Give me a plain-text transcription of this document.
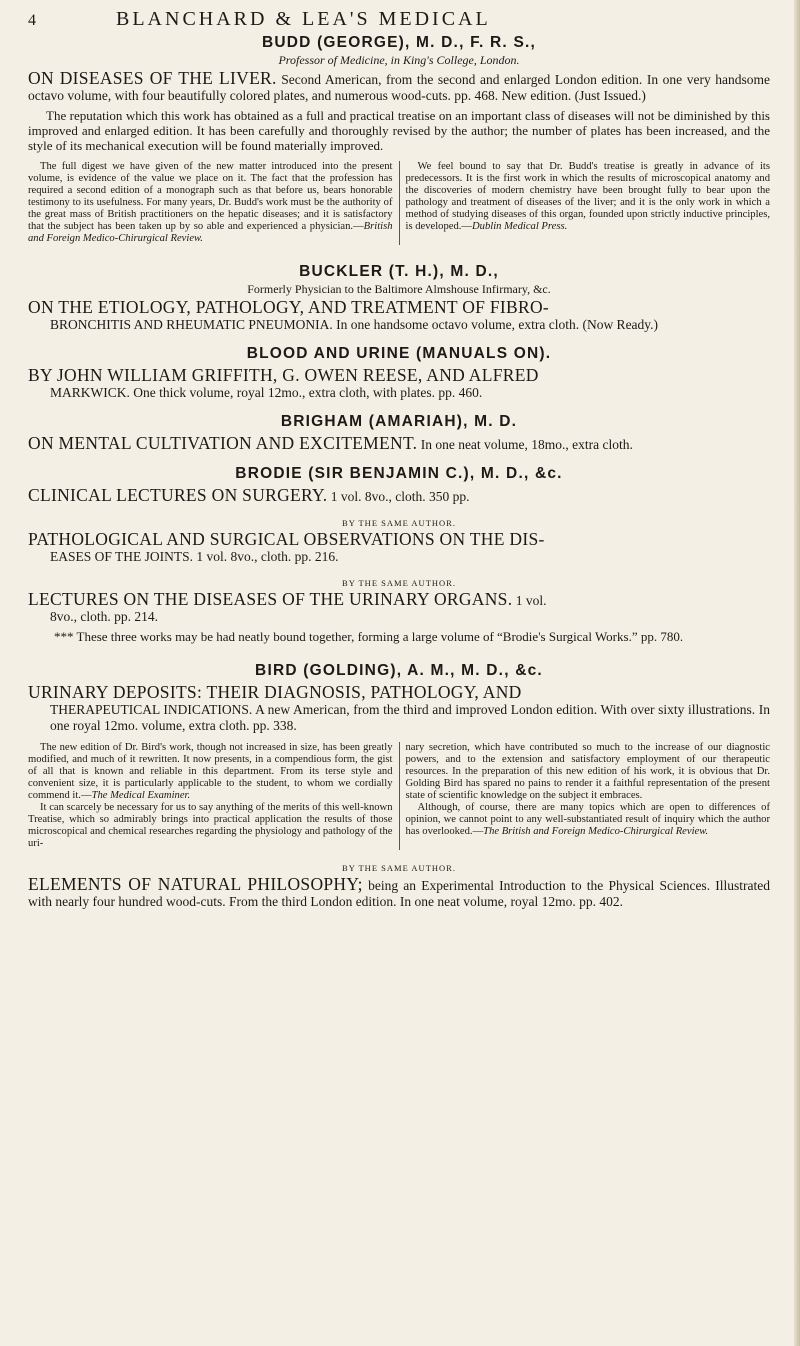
4	BLANCHARD & LEA'S MEDICAL

BUDD (GEORGE), M. D., F. R. S.,

Professor of Medicine, in King's College, London.

ON DISEASES OF THE LIVER. Second American, from the second and enlarged London edition. In one very handsome octavo volume, with four beautifully colored plates, and numerous wood-cuts. pp. 468. New edition. (Just Issued.)

The reputation which this work has obtained as a full and practical treatise on an important class of diseases will not be diminished by this improved and enlarged edition. It has been carefully and thoroughly revised by the author; the number of plates has been increased, and the style of its mechanical execution will be found materially improved.

The full digest we have given of the new matter introduced into the present volume, is evidence of the value we place on it. The fact that the profession has required a second edition of a monograph such as that before us, bears honorable testimony to its usefulness. For many years, Dr. Budd's work must be the authority of the great mass of British practitioners on the hepatic diseases; and it is satisfactory that the subject has been taken up by so able and experienced a physician.—British and Foreign Medico-Chirurgical Review.

We feel bound to say that Dr. Budd's treatise is greatly in advance of its predecessors. It is the first work in which the results of microscopical anatomy and the discoveries of modern chemistry have been brought fully to bear upon the pathology and treatment of diseases of the liver; and it is the only work in which a method of studying diseases of this organ, founded upon strictly inductive principles, is developed.—Dublin Medical Press.

BUCKLER (T. H.), M. D.,

Formerly Physician to the Baltimore Almshouse Infirmary, &c.

ON THE ETIOLOGY, PATHOLOGY, AND TREATMENT OF FIBRO-
BRONCHITIS AND RHEUMATIC PNEUMONIA. In one handsome octavo volume, extra cloth. (Now Ready.)

BLOOD AND URINE (MANUALS ON).

BY JOHN WILLIAM GRIFFITH, G. OWEN REESE, AND ALFRED
MARKWICK. One thick volume, royal 12mo., extra cloth, with plates. pp. 460.

BRIGHAM (AMARIAH), M. D.

ON MENTAL CULTIVATION AND EXCITEMENT. In one neat volume, 18mo., extra cloth.

BRODIE (SIR BENJAMIN C.), M. D., &c.

CLINICAL LECTURES ON SURGERY. 1 vol. 8vo., cloth. 350 pp.

BY THE SAME AUTHOR.

PATHOLOGICAL AND SURGICAL OBSERVATIONS ON THE DIS-
EASES OF THE JOINTS. 1 vol. 8vo., cloth. pp. 216.

BY THE SAME AUTHOR.

LECTURES ON THE DISEASES OF THE URINARY ORGANS. 1 vol.
8vo., cloth. pp. 214.

*** These three works may be had neatly bound together, forming a large volume of “Brodie's Surgical Works.” pp. 780.

BIRD (GOLDING), A. M., M. D., &c.

URINARY DEPOSITS: THEIR DIAGNOSIS, PATHOLOGY, AND
THERAPEUTICAL INDICATIONS. A new American, from the third and improved London edition. With over sixty illustrations. In one royal 12mo. volume, extra cloth. pp. 338.

The new edition of Dr. Bird's work, though not increased in size, has been greatly modified, and much of it rewritten. It now presents, in a compendious form, the gist of all that is known and reliable in this department. From its terse style and convenient size, it is particularly applicable to the student, to whom we cordially commend it.—The Medical Examiner.

It can scarcely be necessary for us to say anything of the merits of this well-known Treatise, which so admirably brings into practical application the results of those microscopical and chemical researches regarding the physiology and pathology of the uri-

nary secretion, which have contributed so much to the increase of our diagnostic powers, and to the extension and satisfactory employment of our therapeutic resources. In the preparation of this new edition of his work, it is obvious that Dr. Golding Bird has spared no pains to render it a faithful representation of the present state of scientific knowledge on the subject it embraces.

Although, of course, there are many topics which are open to differences of opinion, we cannot point to any well-substantiated result of inquiry which the author has overlooked.—The British and Foreign Medico-Chirurgical Review.

BY THE SAME AUTHOR.

ELEMENTS OF NATURAL PHILOSOPHY; being an Experimental Introduction to the Physical Sciences. Illustrated with nearly four hundred wood-cuts. From the third London edition. In one neat volume, royal 12mo. pp. 402.
